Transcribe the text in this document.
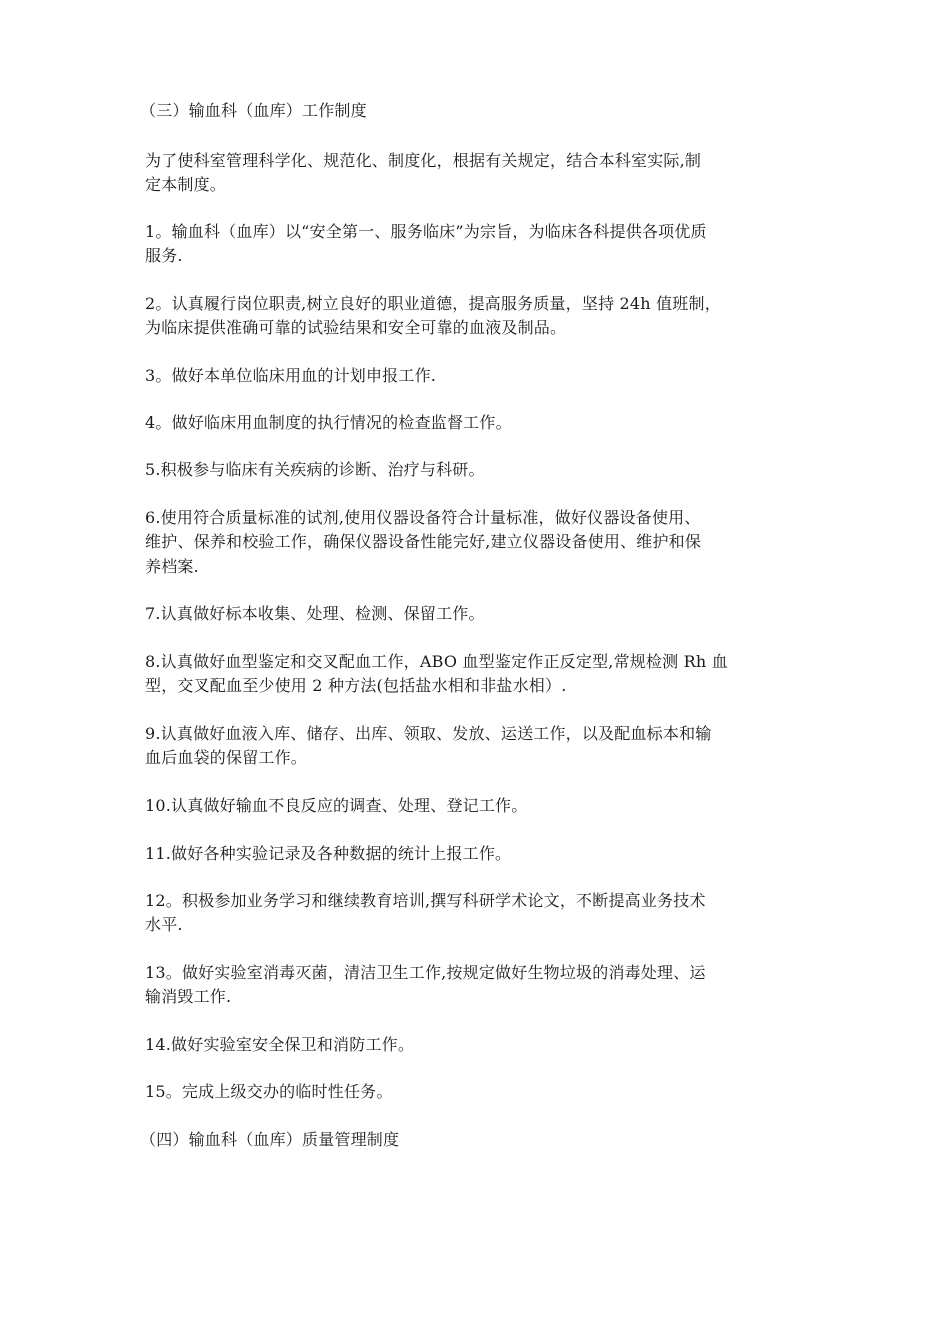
（三）输血科（血库）工作制度
为了使科室管理科学化、规范化、制度化，根据有关规定，结合本科室实际,制
定本制度。
1。输血科（血库）以“安全第一、服务临床”为宗旨，为临床各科提供各项优质
服务.
2。认真履行岗位职责,树立良好的职业道德，提高服务质量，坚持 24h 值班制，
为临床提供准确可靠的试验结果和安全可靠的血液及制品。
3。做好本单位临床用血的计划申报工作.
4。做好临床用血制度的执行情况的检查监督工作。
5.积极参与临床有关疾病的诊断、治疗与科研。
6.使用符合质量标准的试剂,使用仪器设备符合计量标准，做好仪器设备使用、
维护、保养和校验工作，确保仪器设备性能完好,建立仪器设备使用、维护和保
养档案.
7.认真做好标本收集、处理、检测、保留工作。
8.认真做好血型鉴定和交叉配血工作，ABO 血型鉴定作正反定型,常规检测 Rh 血
型，交叉配血至少使用 2 种方法(包括盐水相和非盐水相）.
9.认真做好血液入库、储存、出库、领取、发放、运送工作，以及配血标本和输
血后血袋的保留工作。
10.认真做好输血不良反应的调查、处理、登记工作。
11.做好各种实验记录及各种数据的统计上报工作。
12。积极参加业务学习和继续教育培训,撰写科研学术论文，不断提高业务技术
水平.
13。做好实验室消毒灭菌，清洁卫生工作,按规定做好生物垃圾的消毒处理、运
输消毁工作.
14.做好实验室安全保卫和消防工作。
15。完成上级交办的临时性任务。
（四）输血科（血库）质量管理制度
